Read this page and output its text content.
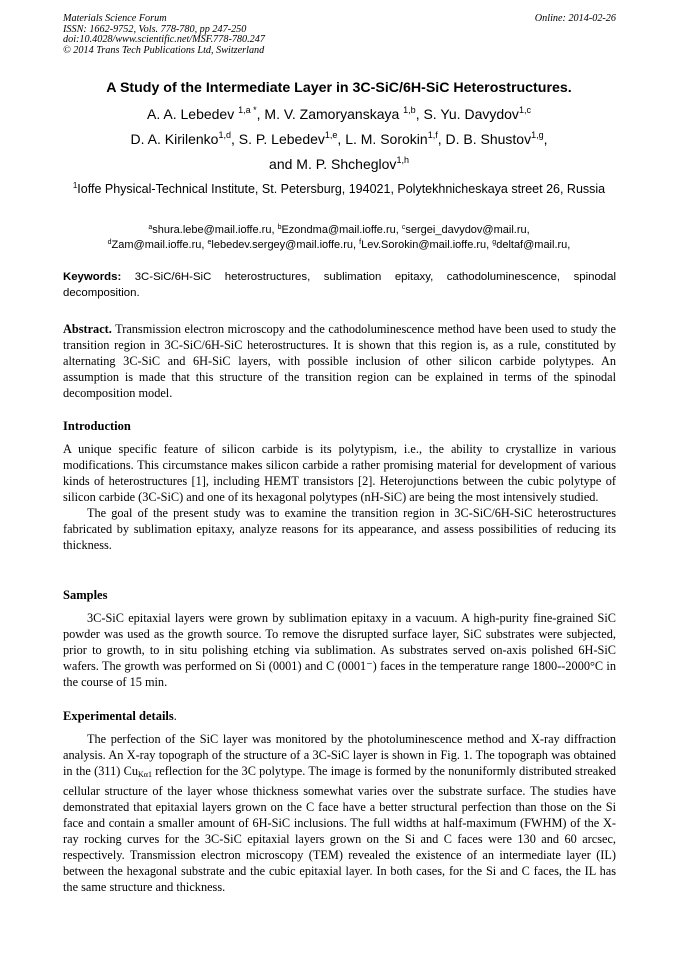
Materials Science Forum
ISSN: 1662-9752, Vols. 778-780, pp 247-250
doi:10.4028/www.scientific.net/MSF.778-780.247
© 2014 Trans Tech Publications Ltd, Switzerland
Online: 2014-02-26
A Study of the Intermediate Layer in 3C-SiC/6H-SiC Heterostructures.
A. A. Lebedev $^{1,a *}$, M. V. Zamoryanskaya $^{1,b}$, S. Yu. Davydov$^{1,c}$
D. A. Kirilenko$^{1,d}$, S. P. Lebedev$^{1,e}$, L. M. Sorokin$^{1,f}$, D. B. Shustov$^{1,g}$,
and M. P. Shcheglov$^{1,h}$
$^1$Ioffe Physical-Technical Institute, St. Petersburg, 194021, Polytekhnicheskaya street 26, Russia
$^a$shura.lebe@mail.ioffe.ru, $^b$Ezondma@mail.ioffe.ru, $^c$sergei_davydov@mail.ru,
$^d$Zam@mail.ioffe.ru, $^e$lebedev.sergey@mail.ioffe.ru, $^f$Lev.Sorokin@mail.ioffe.ru, $^g$deltaf@mail.ru,
Keywords: 3C-SiC/6H-SiC heterostructures, sublimation epitaxy, cathodoluminescence, spinodal decomposition.

Abstract. Transmission electron microscopy and the cathodoluminescence method have been used to study the transition region in 3C-SiC/6H-SiC heterostructures. It is shown that this region is, as a rule, constituted by alternating 3C-SiC and 6H-SiC layers, with possible inclusion of other silicon carbide polytypes. An assumption is made that this structure of the transition region can be explained in terms of the spinodal decomposition model.

Introduction

A unique specific feature of silicon carbide is its polytypism, i.e., the ability to crystallize in various modifications. This circumstance makes silicon carbide a rather promising material for development of various kinds of heterostructures [1], including HEMT transistors [2]. Heterojunctions between the cubic polytype of silicon carbide (3C-SiC) and one of its hexagonal polytypes (nH-SiC) are being the most intensively studied.

The goal of the present study was to examine the transition region in 3C-SiC/6H-SiC heterostructures fabricated by sublimation epitaxy, analyze reasons for its appearance, and assess possibilities of reducing its thickness.

Samples

3C-SiC epitaxial layers were grown by sublimation epitaxy in a vacuum. A high-purity fine-grained SiC powder was used as the growth source. To remove the disrupted surface layer, SiC substrates were subjected, prior to growth, to in situ polishing etching via sublimation. As substrates served on-axis polished 6H-SiC wafers. The growth was performed on Si (0001) and C (0001⁻) faces in the temperature range 1800--2000°C in the course of 15 min.

Experimental details.

The perfection of the SiC layer was monitored by the photoluminescence method and X-ray diffraction analysis. An X-ray topograph of the structure of a 3C-SiC layer is shown in Fig. 1. The topograph was obtained in the (311) $Cu_{K\alpha 1}$ reflection for the 3C polytype. The image is formed by the nonuniformly distributed streaked cellular structure of the layer whose thickness somewhat varies over the substrate surface. The studies have demonstrated that epitaxial layers grown on the C face have a better structural perfection than those on the Si face and contain a smaller amount of 6H-SiC inclusions. The full widths at half-maximum (FWHM) of the X-ray rocking curves for the 3C-SiC epitaxial layers grown on the Si and C faces were 130 and 60 arcsec, respectively. Transmission electron microscopy (TEM) revealed the existence of an intermediate layer (IL) between the hexagonal substrate and the cubic epitaxial layer. In both cases, for the Si and C faces, the IL has the same structure and thickness.
